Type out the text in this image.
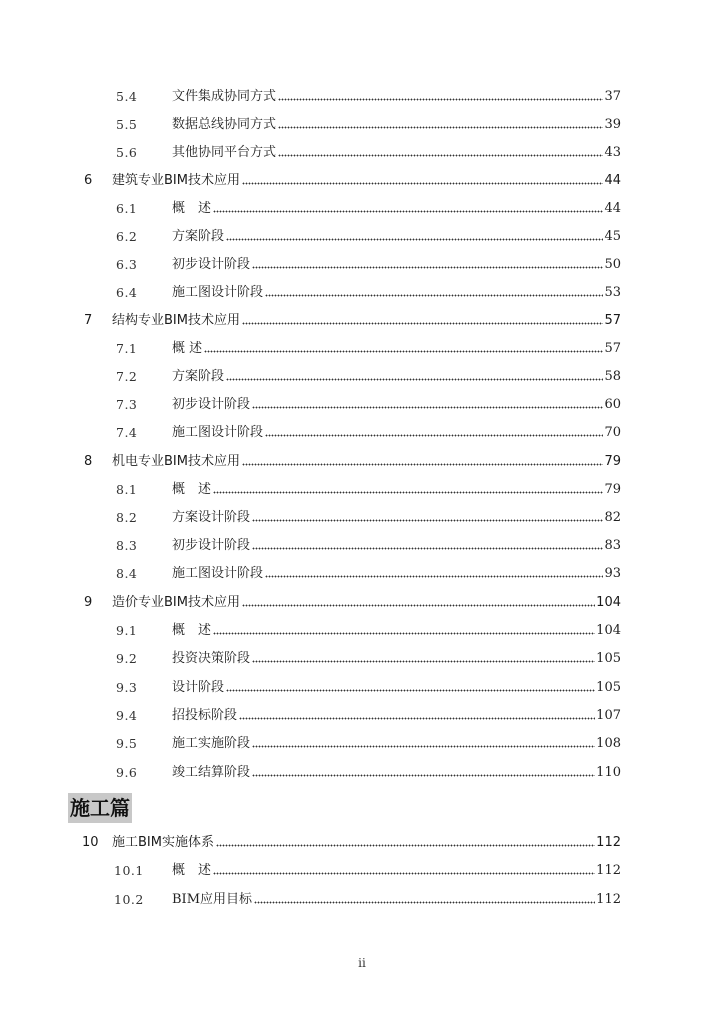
5.4	文件集成协同方式	37
5.5	数据总线协同方式	39
5.6	其他协同平台方式	43
6 建筑专业BIM技术应用	44
6.1	概　述	44
6.2	方案阶段	45
6.3	初步设计阶段	50
6.4	施工图设计阶段	53
7 结构专业BIM技术应用	57
7.1	概 述	57
7.2	方案阶段	58
7.3	初步设计阶段	60
7.4	施工图设计阶段	70
8 机电专业BIM技术应用	79
8.1	概　述	79
8.2	方案设计阶段	82
8.3	初步设计阶段	83
8.4	施工图设计阶段	93
9 造价专业BIM技术应用	104
9.1	概　述	104
9.2	投资决策阶段	105
9.3	设计阶段	105
9.4	招投标阶段	107
9.5	施工实施阶段	108
9.6	竣工结算阶段	110
10 施工BIM实施体系	112
10.1 概　述	112
10.2 BIM应用目标	112
施工篇
ii
